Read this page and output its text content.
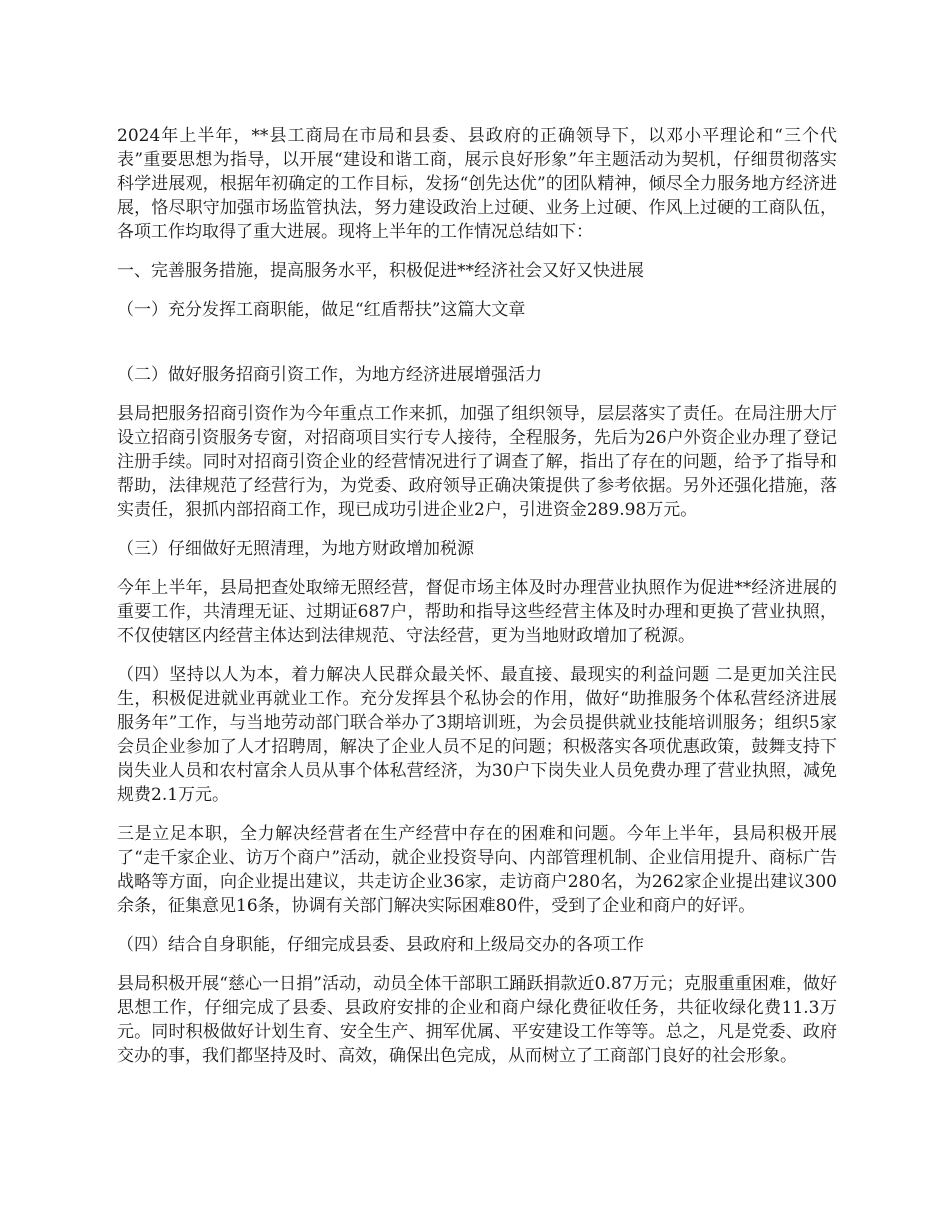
2024年上半年，**县工商局在市局和县委、县政府的正确领导下，以邓小平理论和“三个代表”重要思想为指导，以开展“建设和谐工商，展示良好形象”年主题活动为契机，仔细贯彻落实科学进展观，根据年初确定的工作目标，发扬“创先达优”的团队精神，倾尽全力服务地方经济进展，恪尽职守加强市场监管执法，努力建设政治上过硬、业务上过硬、作风上过硬的工商队伍，各项工作均取得了重大进展。现将上半年的工作情况总结如下：

一、完善服务措施，提高服务水平，积极促进**经济社会又好又快进展

（一）充分发挥工商职能，做足“红盾帮扶”这篇大文章

（二）做好服务招商引资工作，为地方经济进展增强活力

县局把服务招商引资作为今年重点工作来抓，加强了组织领导，层层落实了责任。在局注册大厅设立招商引资服务专窗，对招商项目实行专人接待，全程服务，先后为26户外资企业办理了登记注册手续。同时对招商引资企业的经营情况进行了调查了解，指出了存在的问题，给予了指导和帮助，法律规范了经营行为，为党委、政府领导正确决策提供了参考依据。另外还强化措施，落实责任，狠抓内部招商工作，现已成功引进企业2户，引进资金289.98万元。

（三）仔细做好无照清理，为地方财政增加税源

今年上半年，县局把查处取缔无照经营，督促市场主体及时办理营业执照作为促进**经济进展的重要工作，共清理无证、过期证687户，帮助和指导这些经营主体及时办理和更换了营业执照，不仅使辖区内经营主体达到法律规范、守法经营，更为当地财政增加了税源。

（四）坚持以人为本，着力解决人民群众最关怀、最直接、最现实的利益问题 二是更加关注民生，积极促进就业再就业工作。充分发挥县个私协会的作用，做好“助推服务个体私营经济进展服务年”工作，与当地劳动部门联合举办了3期培训班，为会员提供就业技能培训服务；组织5家会员企业参加了人才招聘周，解决了企业人员不足的问题；积极落实各项优惠政策，鼓舞支持下岗失业人员和农村富余人员从事个体私营经济，为30户下岗失业人员免费办理了营业执照，减免规费2.1万元。

三是立足本职，全力解决经营者在生产经营中存在的困难和问题。今年上半年，县局积极开展了“走千家企业、访万个商户”活动，就企业投资导向、内部管理机制、企业信用提升、商标广告战略等方面，向企业提出建议，共走访企业36家，走访商户280名，为262家企业提出建议300余条，征集意见16条，协调有关部门解决实际困难80件，受到了企业和商户的好评。

（四）结合自身职能，仔细完成县委、县政府和上级局交办的各项工作

县局积极开展“慈心一日捐”活动，动员全体干部职工踊跃捐款近0.87万元；克服重重困难，做好思想工作，仔细完成了县委、县政府安排的企业和商户绿化费征收任务，共征收绿化费11.3万元。同时积极做好计划生育、安全生产、拥军优属、平安建设工作等等。总之，凡是党委、政府交办的事，我们都坚持及时、高效，确保出色完成，从而树立了工商部门良好的社会形象。
